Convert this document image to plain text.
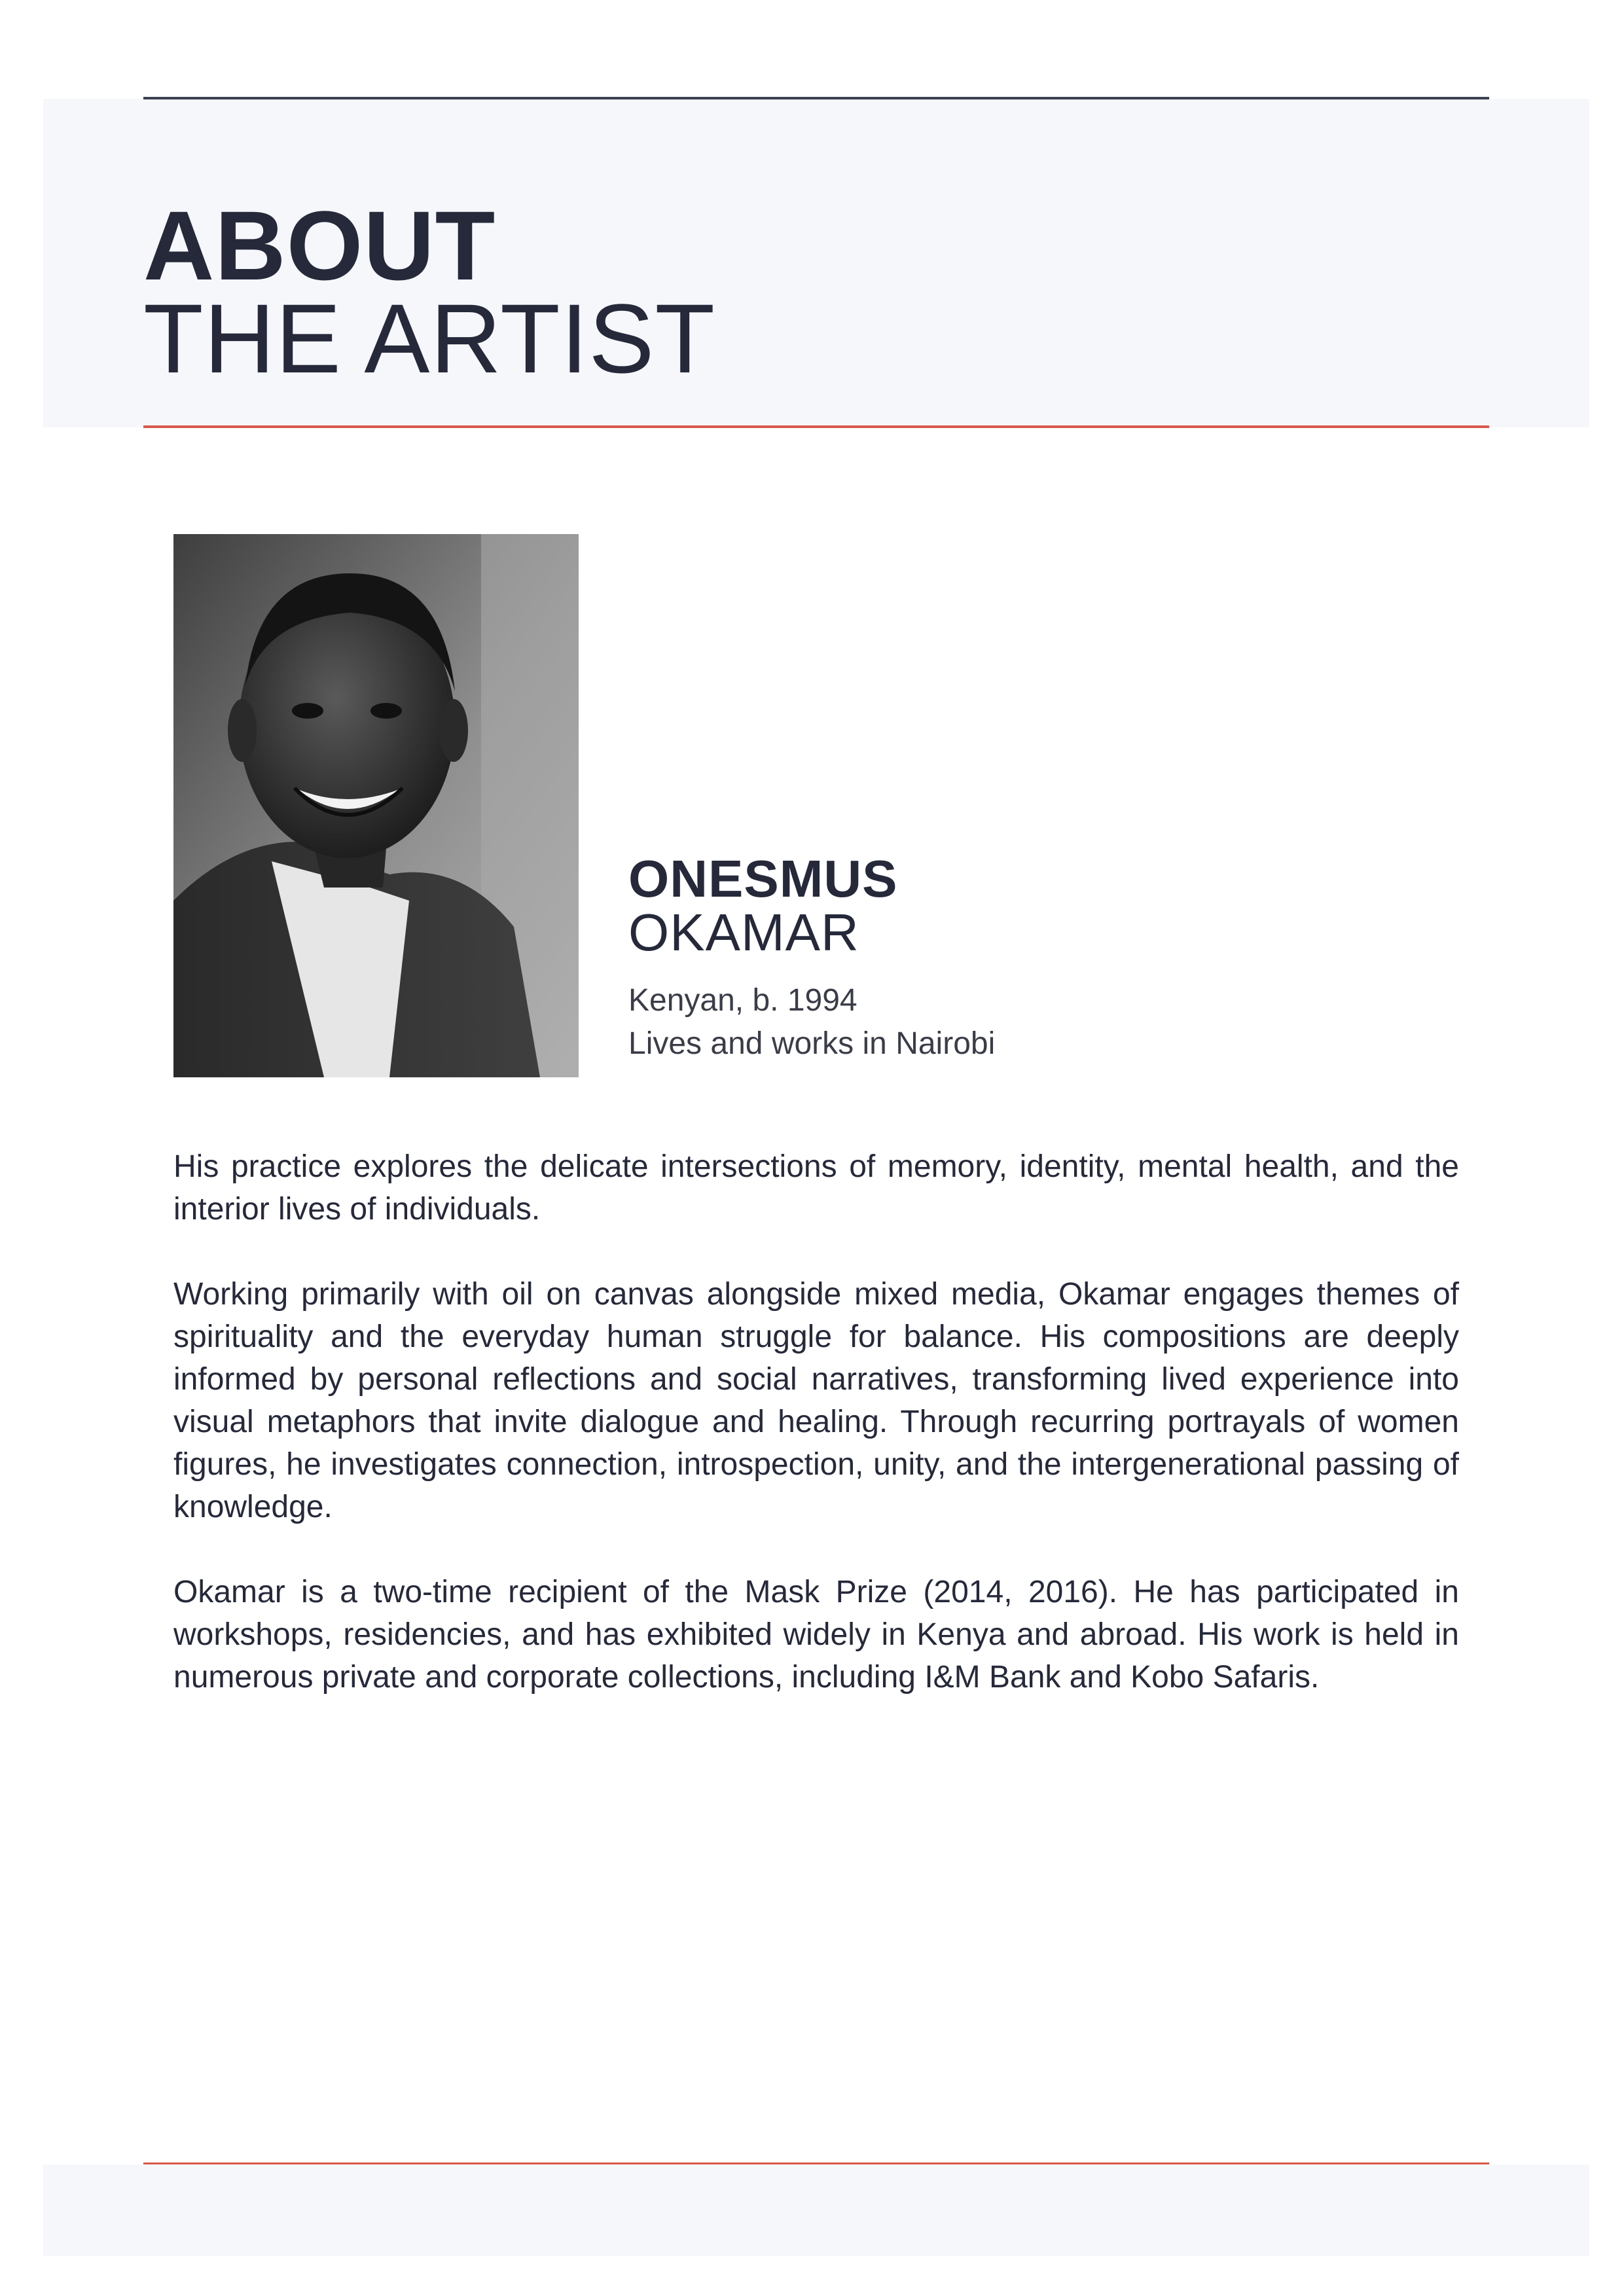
ABOUT
THE ARTIST
ONESMUS
OKAMAR
Kenyan, b. 1994
Lives and works in Nairobi

His practice explores the delicate intersections of memory, identity, mental health, and the interior lives of individuals.

Working primarily with oil on canvas alongside mixed media, Okamar engages themes of spirituality and the everyday human struggle for balance. His compositions are deeply informed by personal reflections and social narratives, transforming lived experience into visual metaphors that invite dialogue and healing. Through recurring portrayals of women figures, he investigates connection, introspection, unity, and the intergenerational passing of knowledge.

Okamar is a two-time recipient of the Mask Prize (2014, 2016). He has participated in workshops, residencies, and has exhibited widely in Kenya and abroad. His work is held in numerous private and corporate collections, including I&M Bank and Kobo Safaris.
